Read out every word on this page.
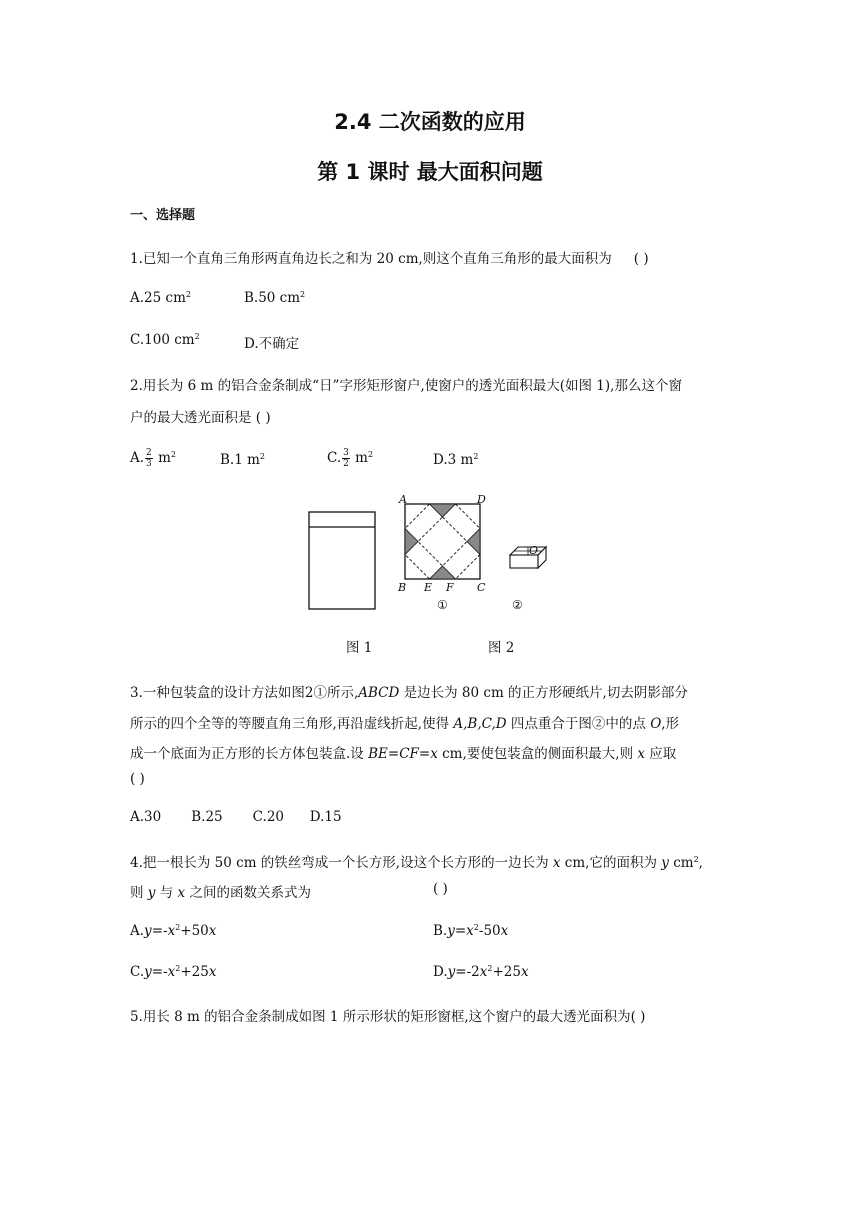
2.4 二次函数的应用
第 1 课时 最大面积问题
一、选择题
1.已知一个直角三角形两直角边长之和为 20 cm,则这个直角三角形的最大面积为 ( )
A.25 $cm^2$	B.50 $cm^2$
C.100 $cm^2$	D.不确定
2.用长为 6 m 的铝合金条制成“日”字形矩形窗户,使窗户的透光面积最大(如图 1),那么这个窗
户的最大透光面积是 ( )
A. $\frac{2}{3} m^2$	B.1 $m^2$	C. $\frac{3}{2} m^2$	D.3 $m^2$
A	D
B E F C
O
①	②
图 1	图 2
3.一种包装盒的设计方法如图2①所示,ABCD 是边长为 80 cm 的正方形硬纸片,切去阴影部分
所示的四个全等的等腰直角三角形,再沿虚线折起,使得 A,B,C,D 四点重合于图②中的点 O,形
成一个底面为正方形的长方体包装盒.设 BE=CF=x cm,要使包装盒的侧面积最大,则 x 应取
( )
A.30       B.25       C.20      D.15
4.把一根长为 50 cm 的铁丝弯成一个长方形,设这个长方形的一边长为 x cm,它的面积为 y $cm^2$,
则 y 与 x 之间的函数关系式为	( )
$A.y=-x^2+50x$	$B.y=x^2-50x$
$C.y=-x^2+25x$	$D.y=-2x^2+25x$
5.用长 8 m 的铝合金条制成如图 1 所示形状的矩形窗框,这个窗户的最大透光面积为( )
